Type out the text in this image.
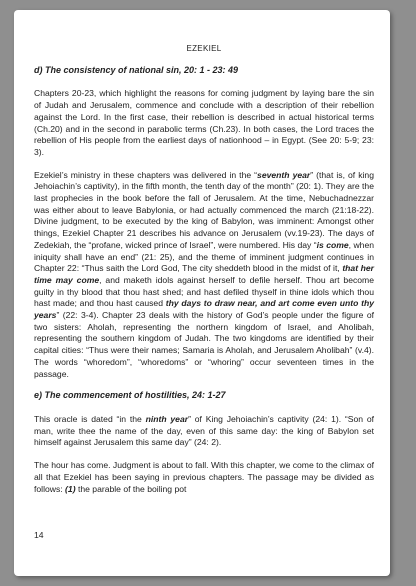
EZEKIEL
d) The consistency of national sin, 20: 1 - 23: 49

Chapters 20-23, which highlight the reasons for coming judgment by laying bare the sin of Judah and Jerusalem, commence and conclude with a description of their rebellion against the Lord. In the first case, their rebellion is described in actual historical terms (Ch.20) and in the second in parabolic terms (Ch.23). In both cases, the Lord traces the rebellion of His people from the earliest days of nationhood – in Egypt. (See 20: 5-9; 23: 3).

Ezekiel’s ministry in these chapters was delivered in the “seventh year” (that is, of king Jehoiachin’s captivity), in the fifth month, the tenth day of the month” (20: 1). They are the last prophecies in the book before the fall of Jerusalem. At the time, Nebuchadnezzar was either about to leave Babylonia, or had actually commenced the march (21:18-22). Divine judgment, to be executed by the king of Babylon, was imminent: Amongst other things, Ezekiel Chapter 21 describes his advance on Jerusalem (vv.19-23). The days of Zedekiah, the “profane, wicked prince of Israel”, were numbered. His day “is come, when iniquity shall have an end” (21: 25), and the theme of imminent judgment continues in Chapter 22: “Thus saith the Lord God, The city sheddeth blood in the midst of it, that her time may come, and maketh idols against herself to defile herself. Thou art become guilty in thy blood that thou hast shed; and hast defiled thyself in thine idols which thou hast made; and thou hast caused thy days to draw near, and art come even unto thy years” (22: 3-4). Chapter 23 deals with the history of God’s people under the figure of two sisters: Aholah, representing the northern kingdom of Israel, and Aholibah, representing the southern kingdom of Judah. The two kingdoms are identified by their capital cities: “Thus were their names; Samaria is Aholah, and Jerusalem Aholibah” (v.4). The words “whoredom”, “whoredoms” or “whoring” occur seventeen times in the passage.

e) The commencement of hostilities, 24: 1-27

This oracle is dated “in the ninth year” of King Jehoiachin’s captivity (24: 1). “Son of man, write thee the name of the day, even of this same day: the king of Babylon set himself against Jerusalem this same day” (24: 2).

The hour has come. Judgment is about to fall. With this chapter, we come to the climax of all that Ezekiel has been saying in previous chapters. The passage may be divided as follows: (1) the parable of the boiling pot

14
